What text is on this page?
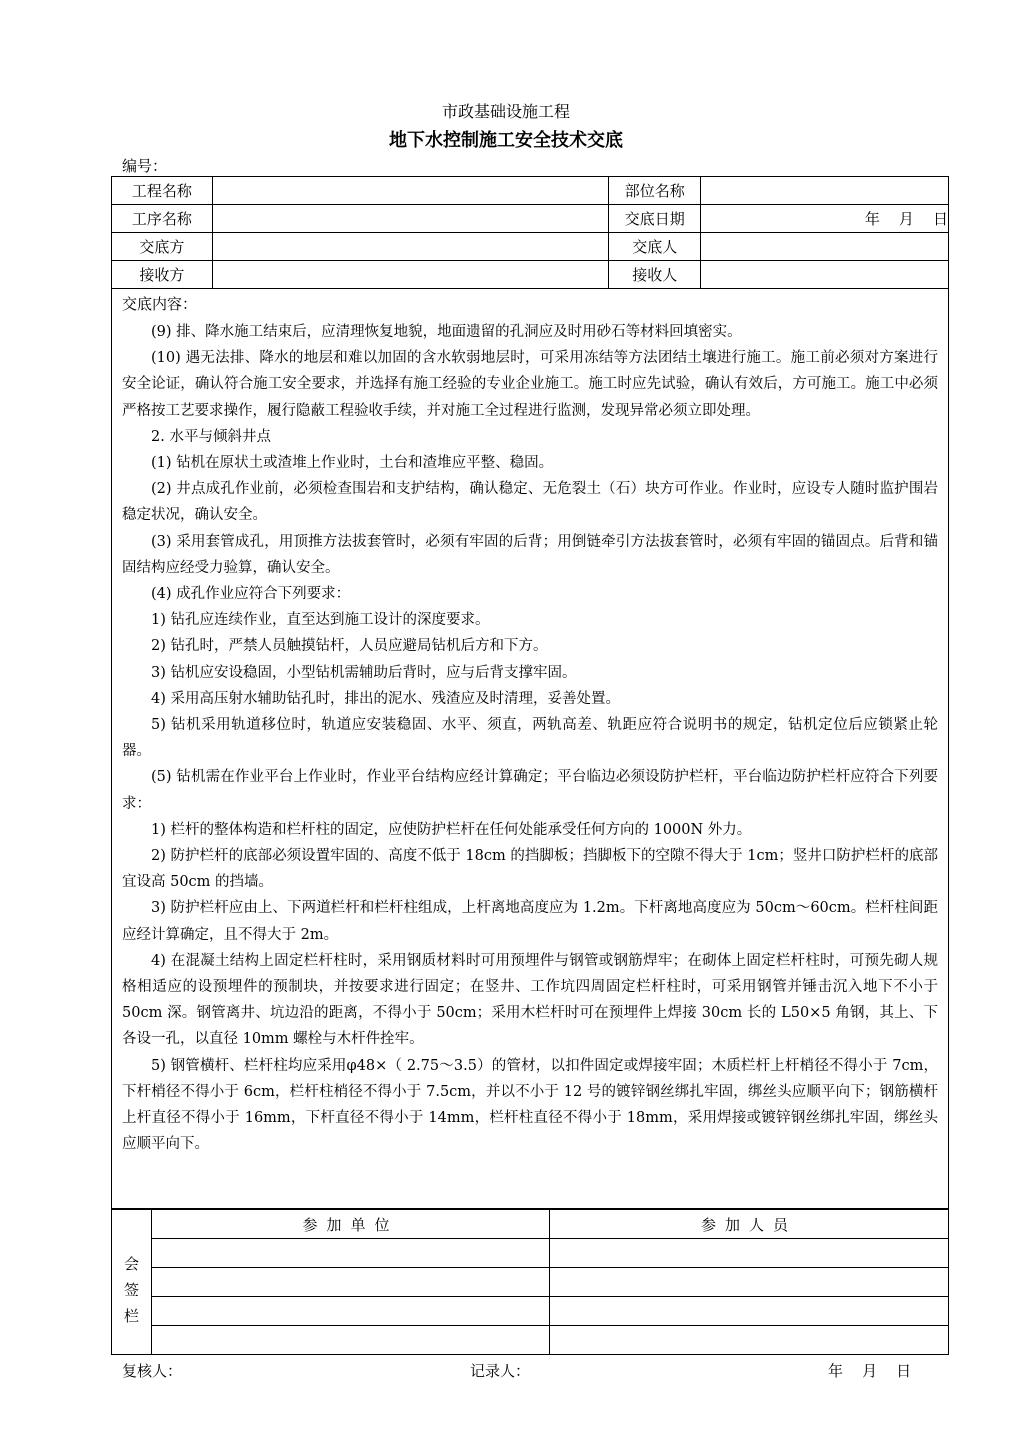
市政基础设施工程
地下水控制施工安全技术交底
编号：
工程名称		部位名称	
工序名称		交底日期	年    月    日
交底方		交底人	
接收方		接收人	
交底内容：

(9) 排、降水施工结束后，应清理恢复地貌，地面遗留的孔洞应及时用砂石等材料回填密实。

(10) 遇无法排、降水的地层和难以加固的含水软弱地层时，可采用冻结等方法团结土壤进行施工。施工前必须对方案进行安全论证，确认符合施工安全要求，并选择有施工经验的专业企业施工。施工时应先试验，确认有效后，方可施工。施工中必须严格按工艺要求操作，履行隐蔽工程验收手续，并对施工全过程进行监测，发现异常必须立即处理。

2. 水平与倾斜井点

(1) 钻机在原状土或渣堆上作业时，土台和渣堆应平整、稳固。

(2) 井点成孔作业前，必须检查围岩和支护结构，确认稳定、无危裂土（石）块方可作业。作业时，应设专人随时监护围岩稳定状况，确认安全。

(3) 采用套管成孔，用顶推方法拔套管时，必须有牢固的后背；用倒链牵引方法拔套管时，必须有牢固的锚固点。后背和锚固结构应经受力验算，确认安全。

(4) 成孔作业应符合下列要求：

1) 钻孔应连续作业，直至达到施工设计的深度要求。

2) 钻孔时，严禁人员触摸钻杆，人员应避局钻机后方和下方。

3) 钻机应安设稳固，小型钻机需辅助后背时，应与后背支撑牢固。

4) 采用高压射水辅助钻孔时，排出的泥水、残渣应及时清理，妥善处置。

5) 钻机采用轨道移位时，轨道应安装稳固、水平、须直，两轨高差、轨距应符合说明书的规定，钻机定位后应锁紧止轮器。

(5) 钻机需在作业平台上作业时，作业平台结构应经计算确定；平台临边必须设防护栏杆，平台临边防护栏杆应符合下列要求：

1) 栏杆的整体构造和栏杆柱的固定，应使防护栏杆在任何处能承受任何方向的 1000N 外力。

2) 防护栏杆的底部必须设置牢固的、高度不低于 18cm 的挡脚板；挡脚板下的空隙不得大于 1cm；竖井口防护栏杆的底部宜设高 50cm 的挡墙。

3) 防护栏杆应由上、下两道栏杆和栏杆柱组成，上杆离地高度应为 1.2m。下杆离地高度应为 50cm～60cm。栏杆柱间距应经计算确定，且不得大于 2m。

4) 在混凝土结构上固定栏杆柱时，采用钢质材料时可用预埋件与钢管或钢筋焊牢；在砌体上固定栏杆柱时，可预先砌人规格相适应的设预埋件的预制块，并按要求进行固定；在竖井、工作坑四周固定栏杆柱时，可采用钢管并锤击沉入地下不小于 50cm 深。钢管离井、坑边沿的距离，不得小于 50cm；采用木栏杆时可在预埋件上焊接 30cm 长的 L50×5 角钢，其上、下各设一孔，以直径 10mm 螺栓与木杆件拴牢。

5) 钢管横杆、栏杆柱均应采用φ48×（ 2.75～3.5）的管材，以扣件固定或焊接牢固；木质栏杆上杆梢径不得小于 7cm，下杆梢径不得小于 6cm，栏杆柱梢径不得小于 7.5cm，并以不小于 12 号的镀锌钢丝绑扎牢固，绑丝头应顺平向下；钢筋横杆上杆直径不得小于 16mm，下杆直径不得小于 14mm，栏杆柱直径不得小于 18mm，采用焊接或镀锌钢丝绑扎牢固，绑丝头应顺平向下。

会
签
栏	参加单位	参加人员

复核人：	记录人：	年    月    日
